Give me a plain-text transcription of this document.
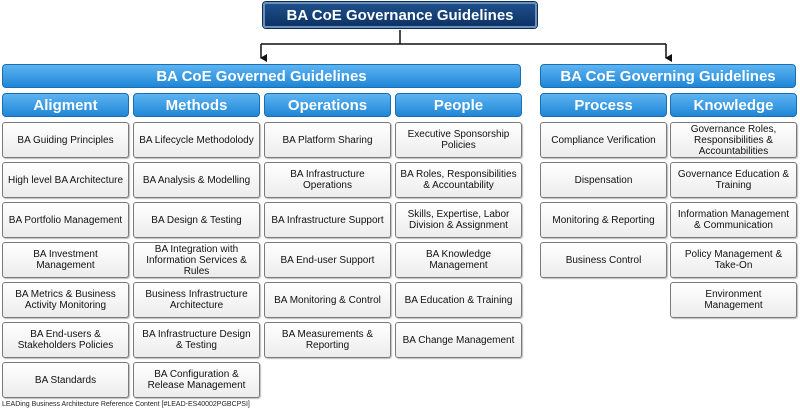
BA CoE Governance Guidelines
BA CoE Governed Guidelines	BA CoE Governing Guidelines
Aligment
BA Guiding Principles
High level BA Architecture
BA Portfolio Management
BA Investment Management
BA Metrics & Business Activity Monitoring
BA End-users & Stakeholders Policies
BA Standards
Methods
BA Lifecycle Methodolody
BA Analysis & Modelling
BA Design & Testing
BA Integration with Information Services & Rules
Business Infrastructure Architecture
BA Infrastructure Design & Testing
BA Configuration & Release Management
Operations
BA Platform Sharing
BA Infrastructure Operations
BA Infrastructure Support
BA End-user Support
BA Monitoring & Control
BA Measurements & Reporting
People
Executive Sponsorship Policies
BA Roles, Responsibilities & Accountability
Skills, Expertise, Labor Division & Assignment
BA Knowledge Management
BA Education & Training
BA Change Management
Process
Compliance Verification
Dispensation
Monitoring & Reporting
Business Control
Knowledge
Governance Roles, Responsibilities & Accountabilities
Governance Education & Training
Information Management & Communication
Policy Management & Take-On
Environment Management
LEADing Business Architecture Reference Content [#LEAD-ES40002PGBCPSI]
